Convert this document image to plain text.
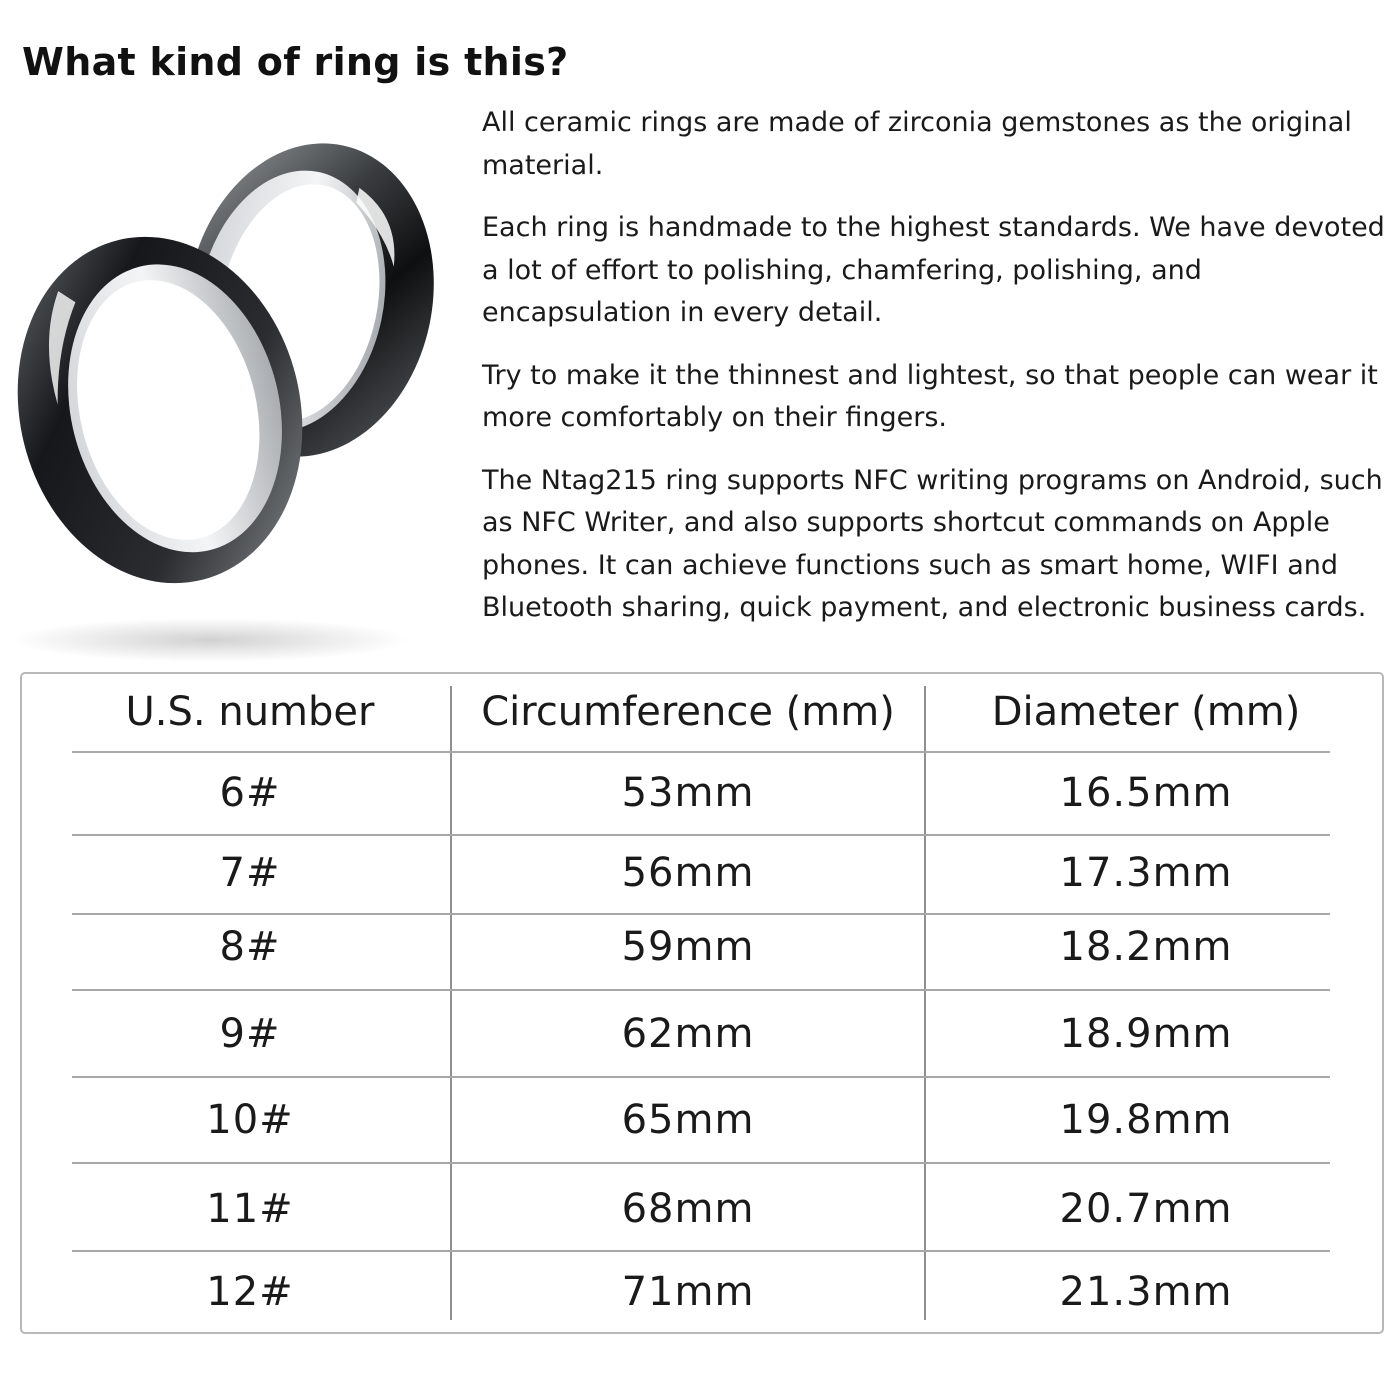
What kind of ring is this?

All ceramic rings are made of zirconia gemstones as the original material.

Each ring is handmade to the highest standards. We have devoted a lot of effort to polishing, chamfering, polishing, and encapsulation in every detail.

Try to make it the thinnest and lightest, so that people can wear it more comfortably on their fingers.

The Ntag215 ring supports NFC writing programs on Android, such as NFC Writer, and also supports shortcut commands on Apple phones. It can achieve functions such as smart home, WIFI and Bluetooth sharing, quick payment, and electronic business cards.

U.S. number	Circumference (mm)	Diameter (mm)
6#	53mm	16.5mm
7#	56mm	17.3mm
8#	59mm	18.2mm
9#	62mm	18.9mm
10#	65mm	19.8mm
11#	68mm	20.7mm
12#	71mm	21.3mm
